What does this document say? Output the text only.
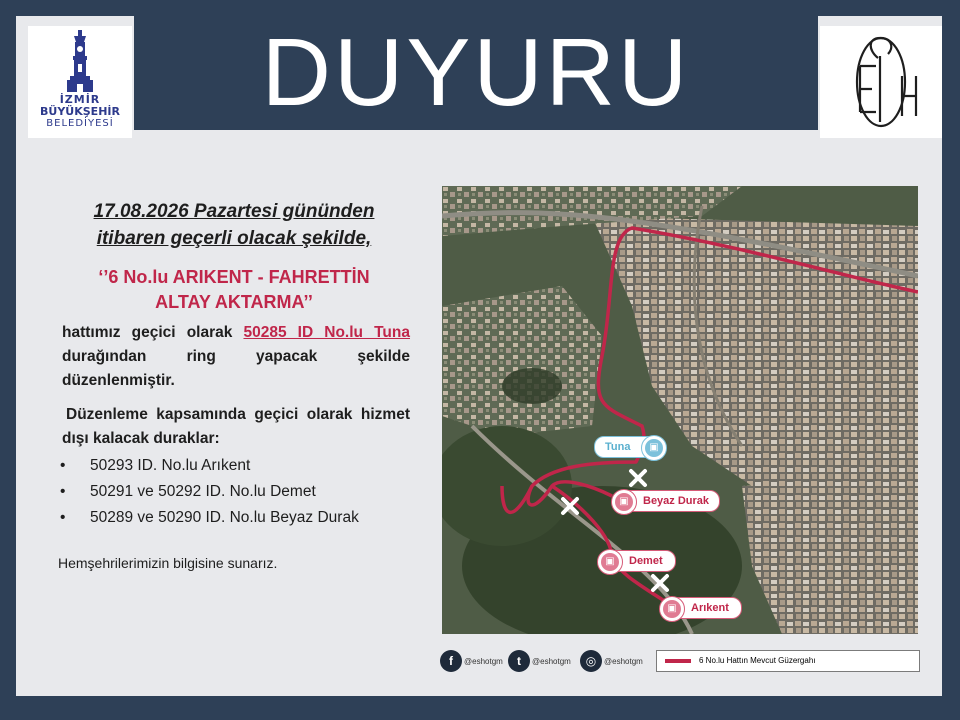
İZMİR
BÜYÜKŞEHİR
BELEDİYESİ	DUYURU

17.08.2026 Pazartesi gününden
itibaren geçerli olacak şekilde,

‘’6 No.lu ARIKENT - FAHRETTİN
ALTAY AKTARMA’’

hattımız geçici olarak 50285 ID No.lu Tuna durağından ring yapacak şekilde düzenlenmiştir.

Düzenleme kapsamında geçici olarak hizmet dışı kalacak duraklar:

• 50293 ID. No.lu Arıkent
• 50291 ve 50292 ID. No.lu Demet
• 50289 ve 50290 ID. No.lu Beyaz Durak
Hemşehrilerimizin bilgisine sunarız.
Tuna	▣
▣	Beyaz Durak
▣	Demet
▣	Arıkent
f @eshotgm	t @eshotgm	◎ @eshotgm	6 No.lu Hattın Mevcut Güzergahı
